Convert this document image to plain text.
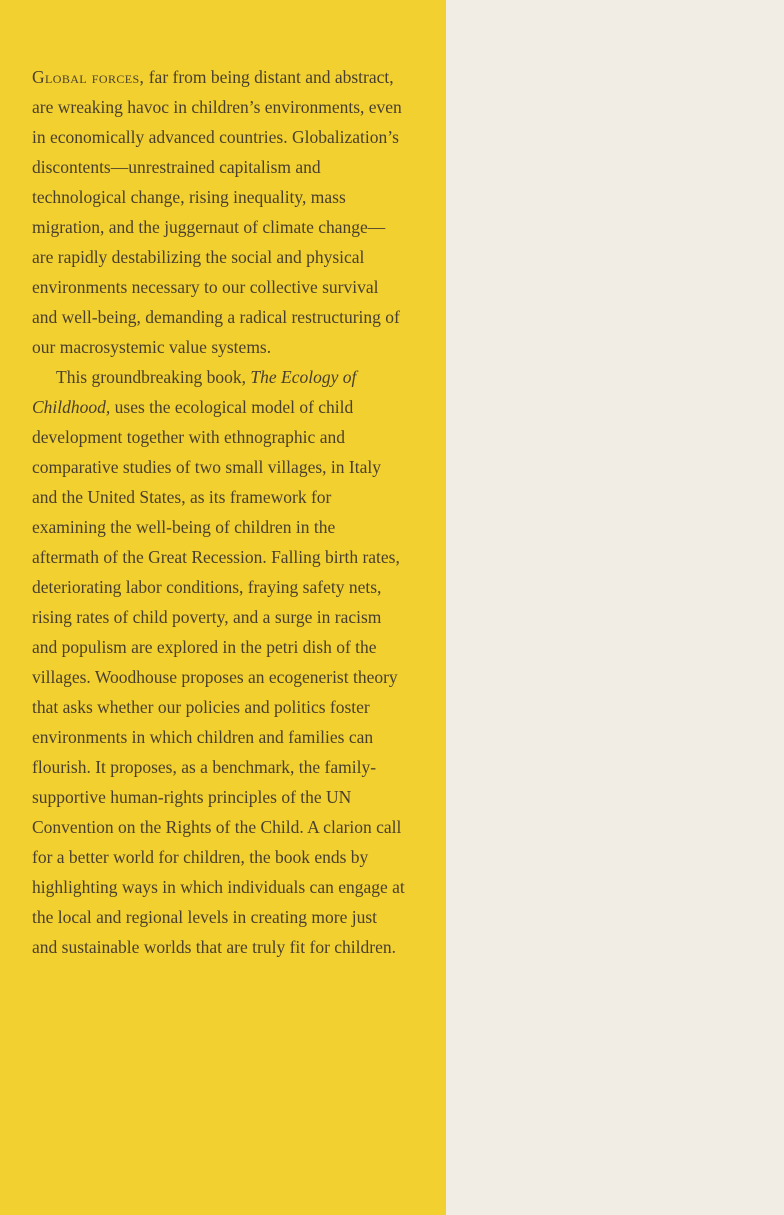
Global forces, far from being distant and abstract, are wreaking havoc in children’s environments, even in economically advanced countries. Globalization’s discontents—unrestrained capitalism and technological change, rising inequality, mass migration, and the juggernaut of climate change—are rapidly destabilizing the social and physical environments necessary to our collective survival and well-being, demanding a radical restructuring of our macrosystemic value systems.

This groundbreaking book, The Ecology of Childhood, uses the ecological model of child development together with ethnographic and comparative studies of two small villages, in Italy and the United States, as its framework for examining the well-being of children in the aftermath of the Great Recession. Falling birth rates, deteriorating labor conditions, fraying safety nets, rising rates of child poverty, and a surge in racism and populism are explored in the petri dish of the villages. Woodhouse proposes an ecogenerist theory that asks whether our policies and politics foster environments in which children and families can flourish. It proposes, as a benchmark, the family-supportive human-rights principles of the UN Convention on the Rights of the Child. A clarion call for a better world for children, the book ends by highlighting ways in which individuals can engage at the local and regional levels in creating more just and sustainable worlds that are truly fit for children.
